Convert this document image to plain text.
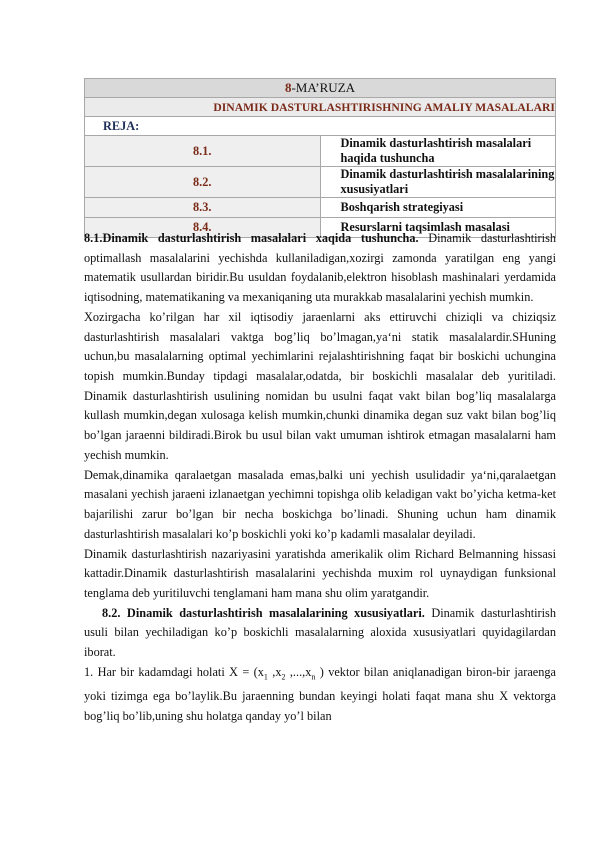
8-MA’RUZA	
DINAMIK DASTURLASHTIRISHNING AMALIY MASALALARI	
REJA:	
8.1.	Dinamik dasturlashtirish masalalari haqida tushuncha
8.2.	Dinamik dasturlashtirish masalalarining xususiyatlari
8.3.	Boshqarish strategiyasi
8.4.	Resurslarni taqsimlash masalasi

8.1.Dinamik dasturlashtirish masalalari xaqida tushuncha. Dinamik dasturlashtirish optimallash masalalarini yechishda kullaniladigan,xozirgi zamonda yaratilgan eng yangi matematik usullardan biridir.Bu usuldan foydalanib,elektron hisoblash mashinalari yerdamida iqtisodning, matematikaning va mexaniqaning uta murakkab masalalarini yechish mumkin.

Xozirgacha ko’rilgan har xil iqtisodiy jaraenlarni aks ettiruvchi chiziqli va chiziqsiz dasturlashtirish masalalari vaktga bog’liq bo’lmagan,ya‘ni statik masalalardir.SHuning uchun,bu masalalarning optimal yechimlarini rejalashtirishning faqat bir boskichi uchungina topish mumkin.Bunday tipdagi masalalar,odatda, bir boskichli masalalar deb yuritiladi. Dinamik dasturlashtirish usulining nomidan bu usulni faqat vakt bilan bog’liq masalalarga kullash mumkin,degan xulosaga kelish mumkin,chunki dinamika degan suz vakt bilan bog’liq bo’lgan jaraenni bildiradi.Birok bu usul bilan vakt umuman ishtirok etmagan masalalarni ham yechish mumkin.

Demak,dinamika qaralaetgan masalada emas,balki uni yechish usulidadir ya‘ni,qaralaetgan masalani yechish jaraeni izlanaetgan yechimni topishga olib keladigan vakt bo’yicha ketma-ket bajarilishi zarur bo’lgan bir necha boskichga bo’linadi. Shuning uchun ham dinamik dasturlashtirish masalalari ko’p boskichli yoki ko’p kadamli masalalar deyiladi.

Dinamik dasturlashtirish nazariyasini yaratishda amerikalik olim Richard Belmanning hissasi kattadir.Dinamik dasturlashtirish masalalarini yechishda muxim rol uynaydigan funksional tenglama deb yuritiluvchi tenglamani ham mana shu olim yaratgandir.

8.2. Dinamik dasturlashtirish masalalarining xususiyatlari. Dinamik dasturlashtirish usuli bilan yechiladigan ko’p boskichli masalalarning aloxida xususiyatlari quyidagilardan iborat.

1. Har bir kadamdagi holati $X = (x_1$ $,x_2$ $,...,x_n$ ) vektor bilan aniqlanadigan biron-bir jaraenga yoki tizimga ega bo’laylik.Bu jaraenning bundan keyingi holati faqat mana shu X vektorga bog’liq bo’lib,uning shu holatga qanday yo’l bilan
